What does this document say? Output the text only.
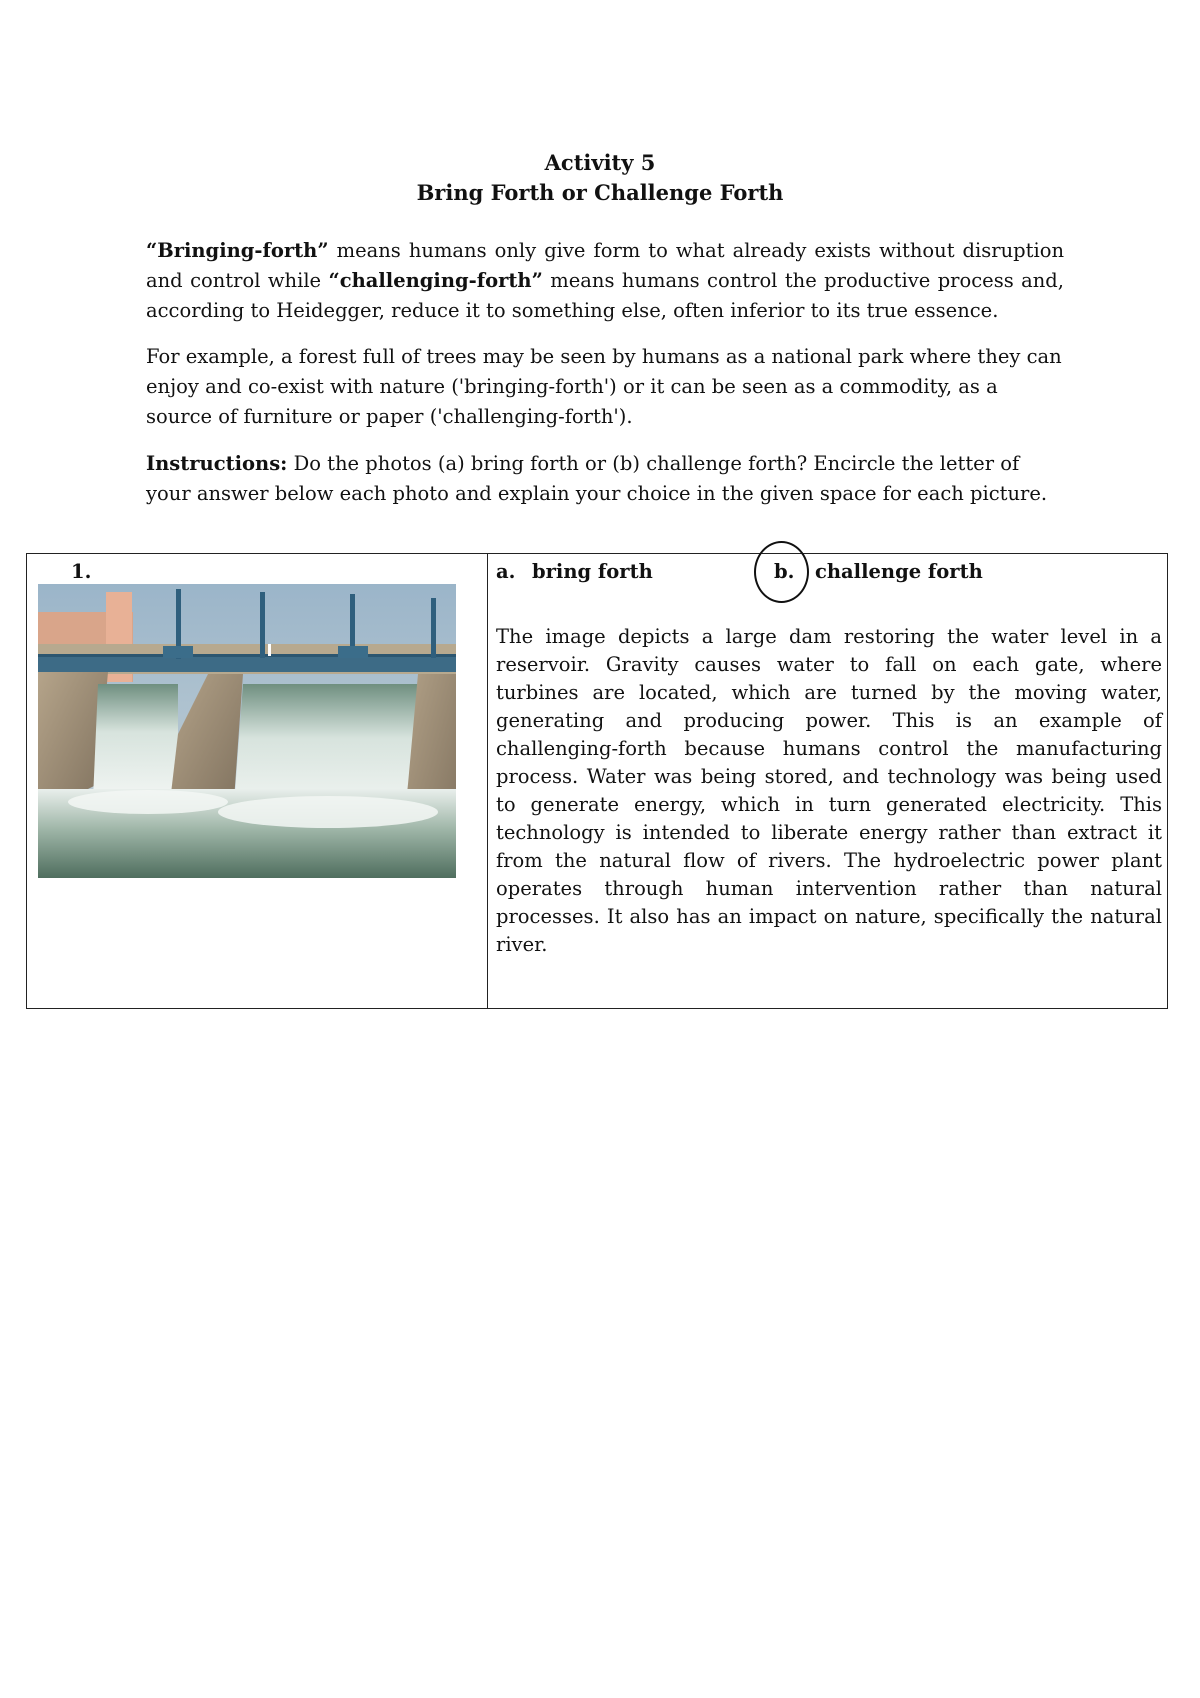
Activity 5
Bring Forth or Challenge Forth
“Bringing-forth” means humans only give form to what already exists without disruption and control while “challenging-forth” means humans control the productive process and, according to Heidegger, reduce it to something else, often inferior to its true essence.
For example, a forest full of trees may be seen by humans as a national park where they can enjoy and co-exist with nature ('bringing-forth') or it can be seen as a commodity, as a source of furniture or paper ('challenging-forth').
Instructions: Do the photos (a) bring forth or (b) challenge forth? Encircle the letter of your answer below each photo and explain your choice in the given space for each picture.
1.	a. bring forth	b. challenge forth
The image depicts a large dam restoring the water level in a reservoir. Gravity causes water to fall on each gate, where turbines are located, which are turned by the moving water, generating and producing power. This is an example of challenging-forth because humans control the manufacturing process. Water was being stored, and technology was being used to generate energy, which in turn generated electricity. This technology is intended to liberate energy rather than extract it from the natural flow of rivers. The hydroelectric power plant operates through human intervention rather than natural processes. It also has an impact on nature, specifically the natural river.
